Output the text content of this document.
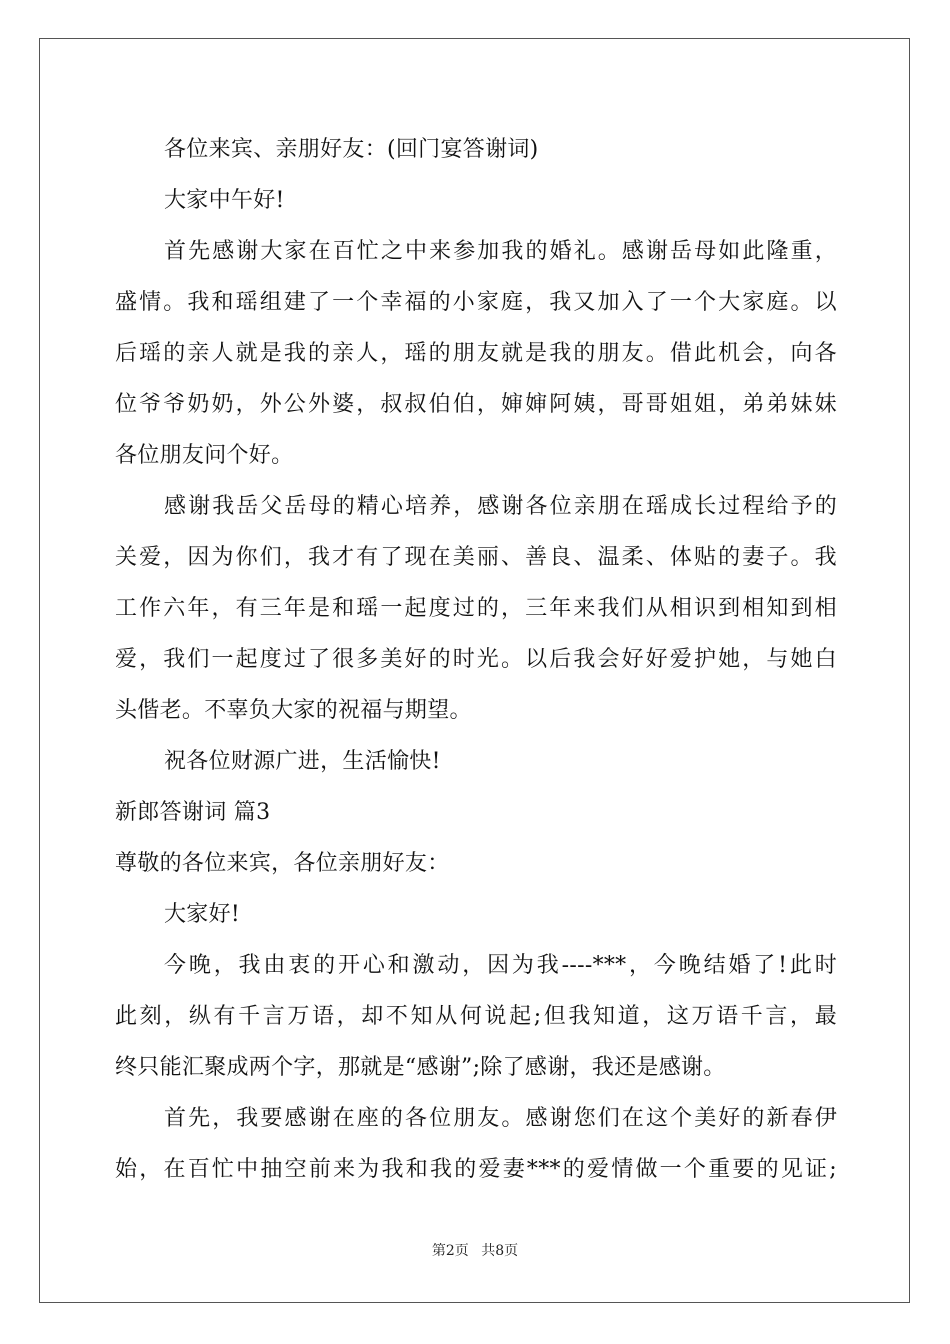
各位来宾、亲朋好友：(回门宴答谢词)
大家中午好!
首先感谢大家在百忙之中来参加我的婚礼。感谢岳母如此隆重，
盛情。我和瑶组建了一个幸福的小家庭，我又加入了一个大家庭。以
后瑶的亲人就是我的亲人，瑶的朋友就是我的朋友。借此机会，向各
位爷爷奶奶，外公外婆，叔叔伯伯，婶婶阿姨，哥哥姐姐，弟弟妹妹
各位朋友问个好。
感谢我岳父岳母的精心培养，感谢各位亲朋在瑶成长过程给予的
关爱，因为你们，我才有了现在美丽、善良、温柔、体贴的妻子。我
工作六年，有三年是和瑶一起度过的，三年来我们从相识到相知到相
爱，我们一起度过了很多美好的时光。以后我会好好爱护她，与她白
头偕老。不辜负大家的祝福与期望。
祝各位财源广进，生活愉快!
新郎答谢词 篇3
尊敬的各位来宾，各位亲朋好友：
大家好!
今晚，我由衷的开心和激动，因为我----***，今晚结婚了!此时
此刻，纵有千言万语，却不知从何说起;但我知道，这万语千言，最
终只能汇聚成两个字，那就是“感谢”;除了感谢，我还是感谢。
首先，我要感谢在座的各位朋友。感谢您们在这个美好的新春伊
始，在百忙中抽空前来为我和我的爱妻***的爱情做一个重要的见证;
第2页 共8页
